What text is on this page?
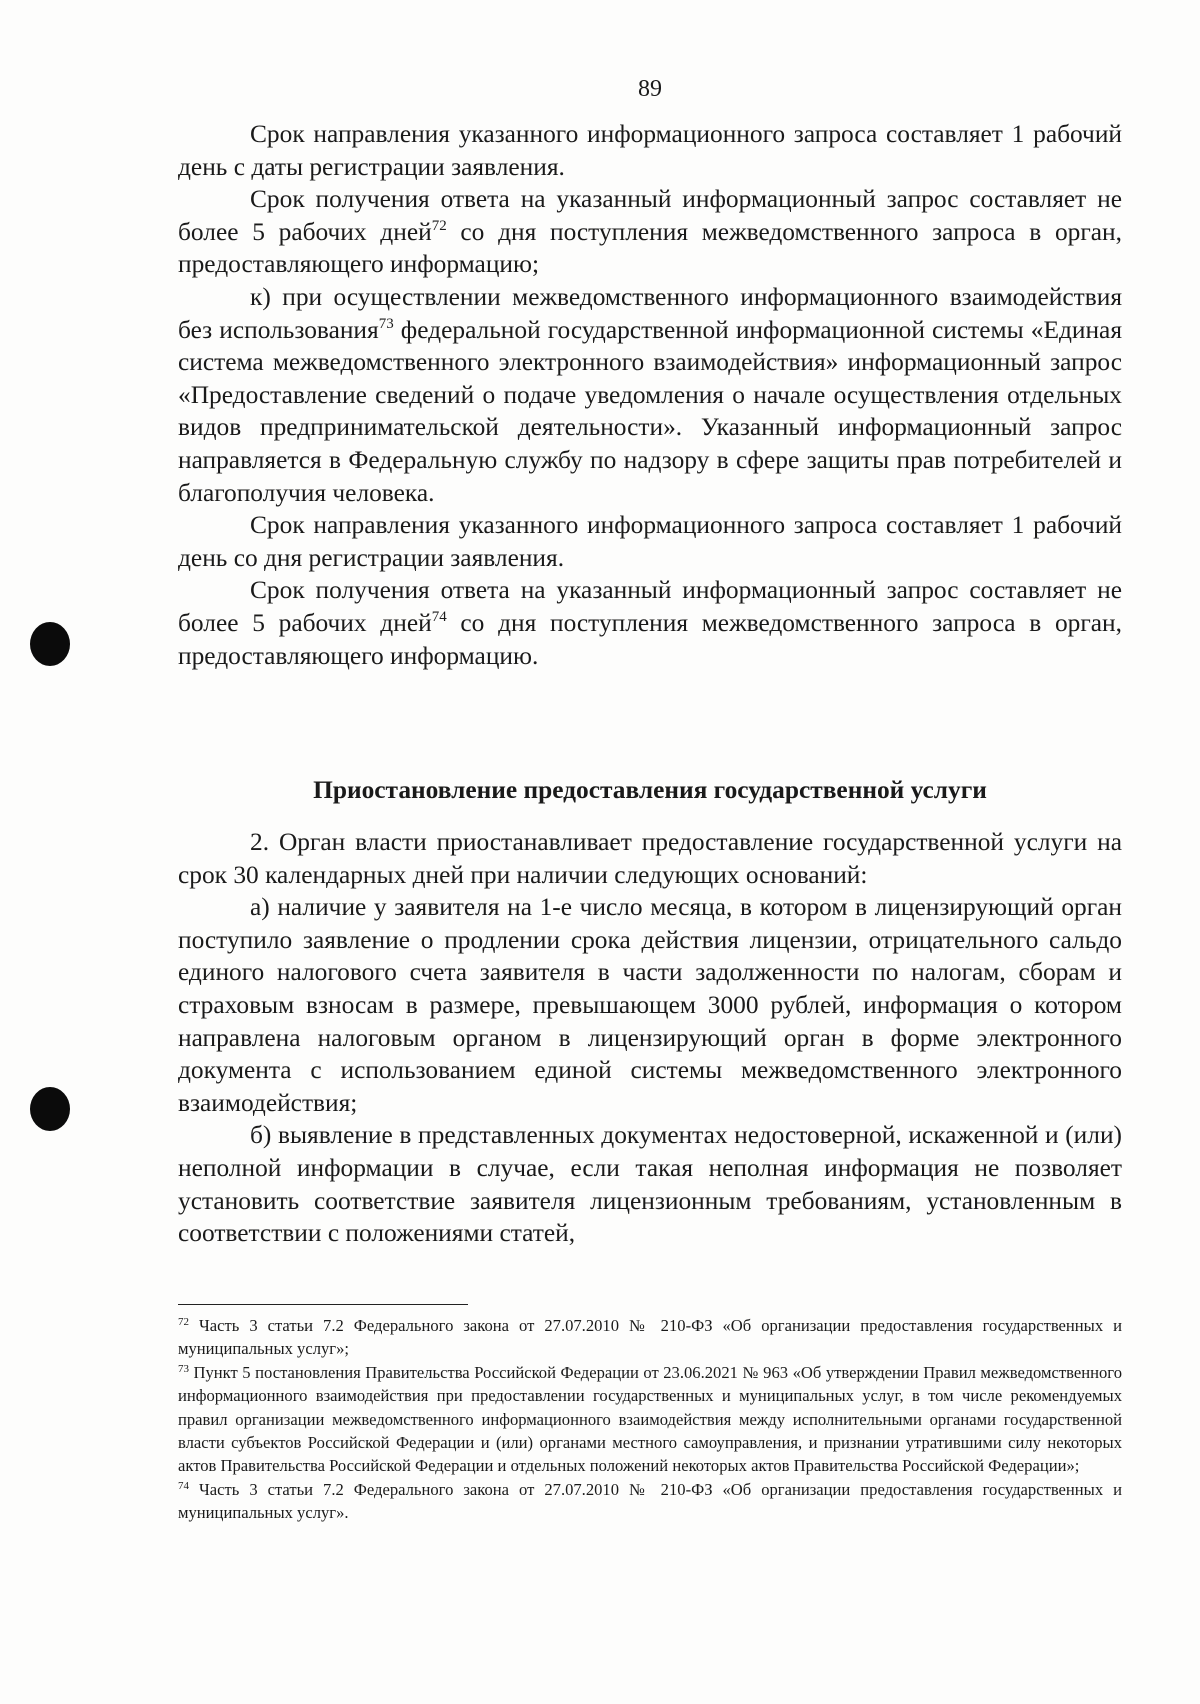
89

Срок направления указанного информационного запроса составляет 1 рабочий день с даты регистрации заявления.

Срок получения ответа на указанный информационный запрос составляет не более 5 рабочих дней$^{72}$ со дня поступления межведомственного запроса в орган, предоставляющего информацию;

к) при осуществлении межведомственного информационного взаимодействия без использования$^{73}$ федеральной государственной информационной системы «Единая система межведомственного электронного взаимодействия» информационный запрос «Предоставление сведений о подаче уведомления о начале осуществления отдельных видов предпринимательской деятельности». Указанный информационный запрос направляется в Федеральную службу по надзору в сфере защиты прав потребителей и благополучия человека.

Срок направления указанного информационного запроса составляет 1 рабочий день со дня регистрации заявления.

Срок получения ответа на указанный информационный запрос составляет не более 5 рабочих дней$^{74}$ со дня поступления межведомственного запроса в орган, предоставляющего информацию.

Приостановление предоставления государственной услуги

2. Орган власти приостанавливает предоставление государственной услуги на срок 30 календарных дней при наличии следующих оснований:

а) наличие у заявителя на 1-е число месяца, в котором в лицензирующий орган поступило заявление о продлении срока действия лицензии, отрицательного сальдо единого налогового счета заявителя в части задолженности по налогам, сборам и страховым взносам в размере, превышающем 3000 рублей, информация о котором направлена налоговым органом в лицензирующий орган в форме электронного документа с использованием единой системы межведомственного электронного взаимодействия;

б) выявление в представленных документах недостоверной, искаженной и (или) неполной информации в случае, если такая неполная информация не позволяет установить соответствие заявителя лицензионным требованиям, установленным в соответствии с положениями статей,

$^{72}$ Часть 3 статьи 7.2 Федерального закона от 27.07.2010 № 210-ФЗ «Об организации предоставления государственных и муниципальных услуг»;

$^{73}$ Пункт 5 постановления Правительства Российской Федерации от 23.06.2021 № 963 «Об утверждении Правил межведомственного информационного взаимодействия при предоставлении государственных и муниципальных услуг, в том числе рекомендуемых правил организации межведомственного информационного взаимодействия между исполнительными органами государственной власти субъектов Российской Федерации и (или) органами местного самоуправления, и признании утратившими силу некоторых актов Правительства Российской Федерации и отдельных положений некоторых актов Правительства Российской Федерации»;

$^{74}$ Часть 3 статьи 7.2 Федерального закона от 27.07.2010 № 210-ФЗ «Об организации предоставления государственных и муниципальных услуг».
